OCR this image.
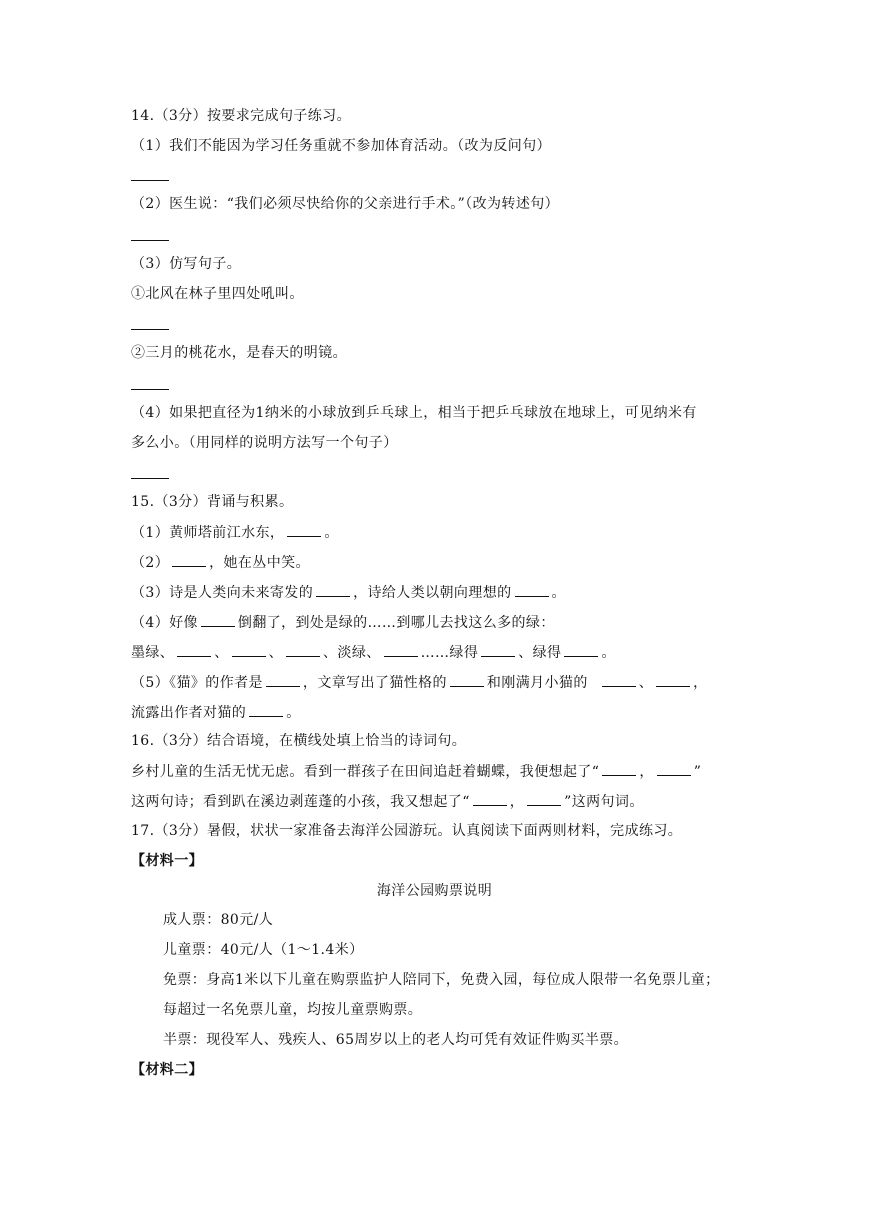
14.（3分）按要求完成句子练习。
（1）我们不能因为学习任务重就不参加体育活动。（改为反问句）
（2）医生说：“我们必须尽快给你的父亲进行手术。”（改为转述句）
（3）仿写句子。
①北风在林子里四处吼叫。
②三月的桃花水，是春天的明镜。
（4）如果把直径为1纳米的小球放到乒乓球上，相当于把乒乓球放在地球上，可见纳米有
多么小。（用同样的说明方法写一个句子）
15.（3分）背诵与积累。
（1）黄师塔前江水东，	。
（2）	，她在丛中笑。
（3）诗是人类向未来寄发的	，诗给人类以朝向理想的	。
（4）好像	倒翻了，到处是绿的……到哪儿去找这么多的绿：
墨绿、	、	、	、淡绿、	……绿得	、绿得	。
（5）《猫》的作者是	，文章写出了猫性格的	和刚满月小猫的	、	，
流露出作者对猫的	。
16.（3分）结合语境，在横线处填上恰当的诗词句。
乡村儿童的生活无忧无虑。看到一群孩子在田间追赶着蝴蝶，我便想起了“	，	”
这两句诗；看到趴在溪边剥莲蓬的小孩，我又想起了“	，	”这两句词。
17.（3分）暑假，状状一家准备去海洋公园游玩。认真阅读下面两则材料，完成练习。
【材料一】
海洋公园购票说明
成人票：80元/人
儿童票：40元/人（1～1.4米）
免票：身高1米以下儿童在购票监护人陪同下，免费入园，每位成人限带一名免票儿童；
每超过一名免票儿童，均按儿童票购票。
半票：现役军人、残疾人、65周岁以上的老人均可凭有效证件购买半票。
【材料二】
